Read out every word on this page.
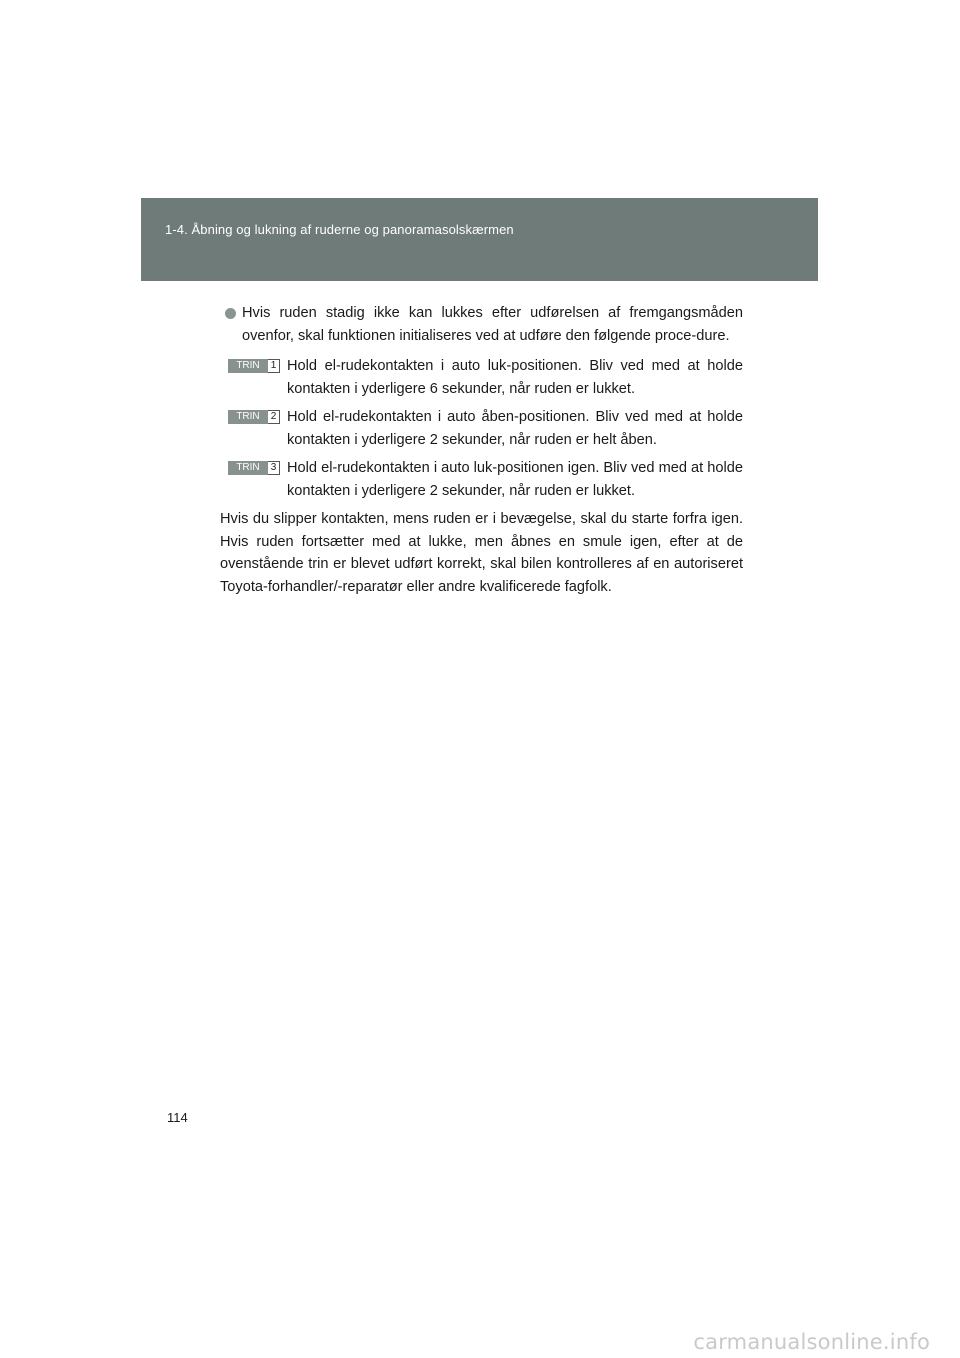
1-4. Åbning og lukning af ruderne og panoramasolskærmen
Hvis ruden stadig ikke kan lukkes efter udførelsen af fremgangsmåden ovenfor, skal funktionen initialiseres ved at udføre den følgende proce-dure.
TRIN	1 Hold el-rudekontakten i auto luk-positionen. Bliv ved med at holde kontakten i yderligere 6 sekunder, når ruden er lukket.
TRIN	2 Hold el-rudekontakten i auto åben-positionen. Bliv ved med at holde kontakten i yderligere 2 sekunder, når ruden er helt åben.
TRIN	3 Hold el-rudekontakten i auto luk-positionen igen. Bliv ved med at holde kontakten i yderligere 2 sekunder, når ruden er lukket.
Hvis du slipper kontakten, mens ruden er i bevægelse, skal du starte forfra igen. Hvis ruden fortsætter med at lukke, men åbnes en smule igen, efter at de ovenstående trin er blevet udført korrekt, skal bilen kontrolleres af en autoriseret Toyota-forhandler/-reparatør eller andre kvalificerede fagfolk.
114
carmanualsonline.info
